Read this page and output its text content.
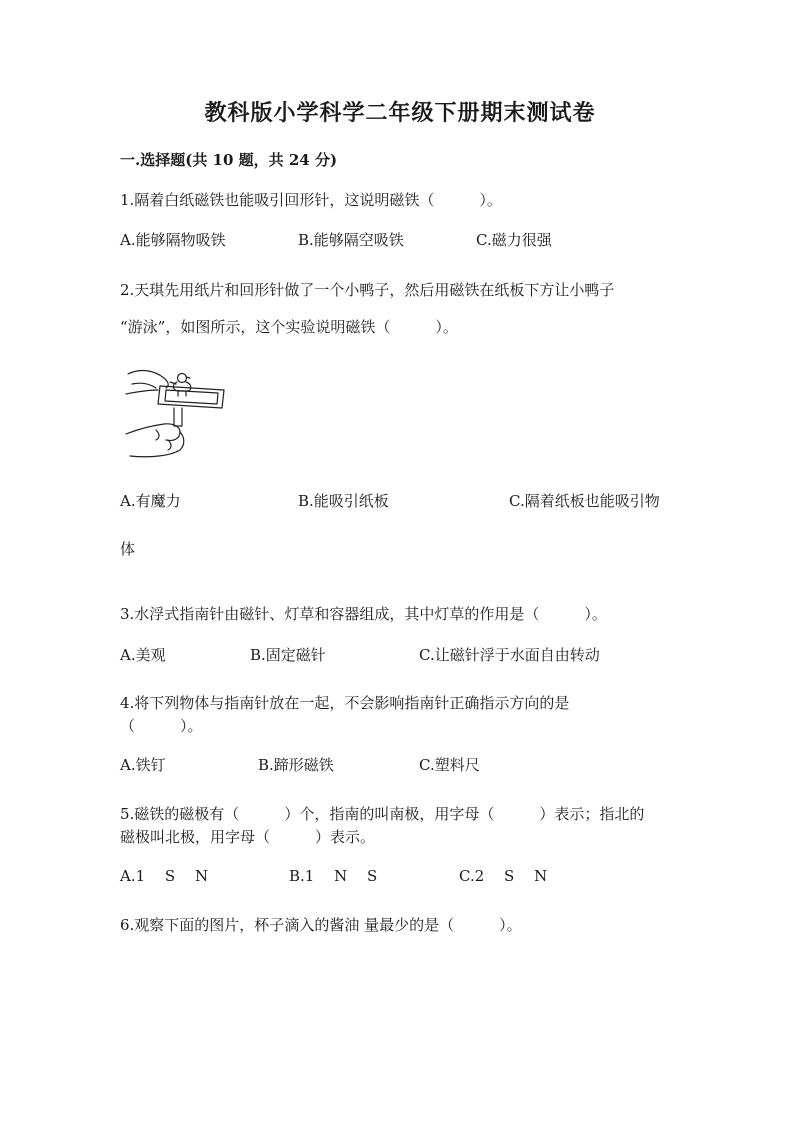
教科版小学科学二年级下册期末测试卷
一.选择题(共 10 题，共 24 分)
1.隔着白纸磁铁也能吸引回形针，这说明磁铁（　　　）。
A.能够隔物吸铁	B.能够隔空吸铁	C.磁力很强
2.天琪先用纸片和回形针做了一个小鸭子，然后用磁铁在纸板下方让小鸭子
“游泳”，如图所示，这个实验说明磁铁（　　　）。
A.有魔力	B.能吸引纸板	C.隔着纸板也能吸引物
体
3.水浮式指南针由磁针、灯草和容器组成，其中灯草的作用是（　　　）。
A.美观	B.固定磁针	C.让磁针浮于水面自由转动
4.将下列物体与指南针放在一起，不会影响指南针正确指示方向的是
（　　　）。
A.铁钉	B.蹄形磁铁	C.塑料尺
5.磁铁的磁极有（　　　）个，指南的叫南极，用字母（　　　）表示；指北的
磁极叫北极，用字母（　　　）表示。
A.1　 S　 N	B.1　 N　 S	C.2　 S　 N
6.观察下面的图片，杯子滴入的酱油 量最少的是（　　　）。
